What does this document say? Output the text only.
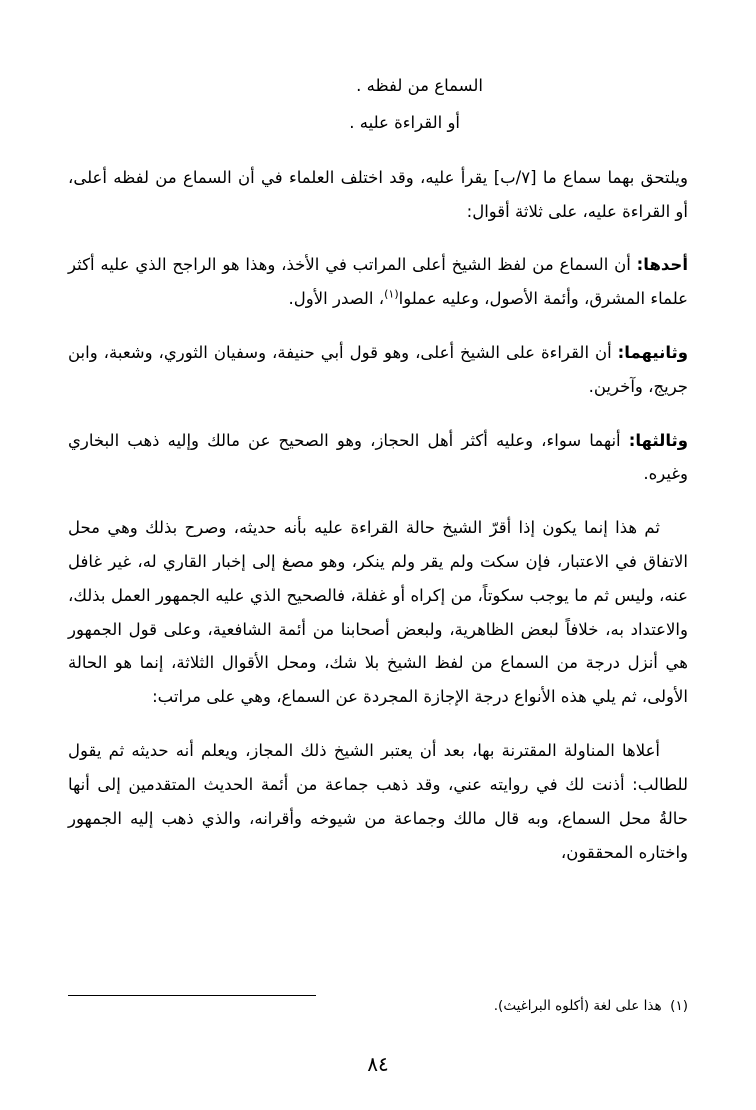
السماع من لفظه .
أو القراءة عليه .

ويلتحق بهما سماع ما [٧/ب] يقرأ عليه، وقد اختلف العلماء في أن السماع من لفظه أعلى، أو القراءة عليه، على ثلاثة أقوال:

أحدها: أن السماع من لفظ الشيخ أعلى المراتب في الأخذ، وهذا هو الراجح الذي عليه أكثر علماء المشرق، وأئمة الأصول، وعليه عملوا$^{(١)}$، الصدر الأول.

وثانيهما: أن القراءة على الشيخ أعلى، وهو قول أبي حنيفة، وسفيان الثوري، وشعبة، وابن جريج، وآخرين.

وثالثها: أنهما سواء، وعليه أكثر أهل الحجاز، وهو الصحيح عن مالك وإليه ذهب البخاري وغيره.

ثم هذا إنما يكون إذا أقرّ الشيخ حالة القراءة عليه بأنه حديثه، وصرح بذلك وهي محل الاتفاق في الاعتبار، فإن سكت ولم يقر ولم ينكر، وهو مصغ إلى إخبار القاري له، غير غافل عنه، وليس ثم ما يوجب سكوتاً، من إكراه أو غفلة، فالصحيح الذي عليه الجمهور العمل بذلك، والاعتداد به، خلافاً لبعض الظاهرية، ولبعض أصحابنا من أئمة الشافعية، وعلى قول الجمهور هي أنزل درجة من السماع من لفظ الشيخ بلا شك، ومحل الأقوال الثلاثة، إنما هو الحالة الأولى، ثم يلي هذه الأنواع درجة الإجازة المجردة عن السماع، وهي على مراتب:

أعلاها المناولة المقترنة بها، بعد أن يعتبر الشيخ ذلك المجاز، ويعلم أنه حديثه ثم يقول للطالب: أذنت لك في روايته عني، وقد ذهب جماعة من أئمة الحديث المتقدمين إلى أنها حالةُ محل السماع، وبه قال مالك وجماعة من شيوخه وأقرانه، والذي ذهب إليه الجمهور واختاره المحققون،

(١)  هذا على لغة (أكلوه البراغيث).

٨٤
